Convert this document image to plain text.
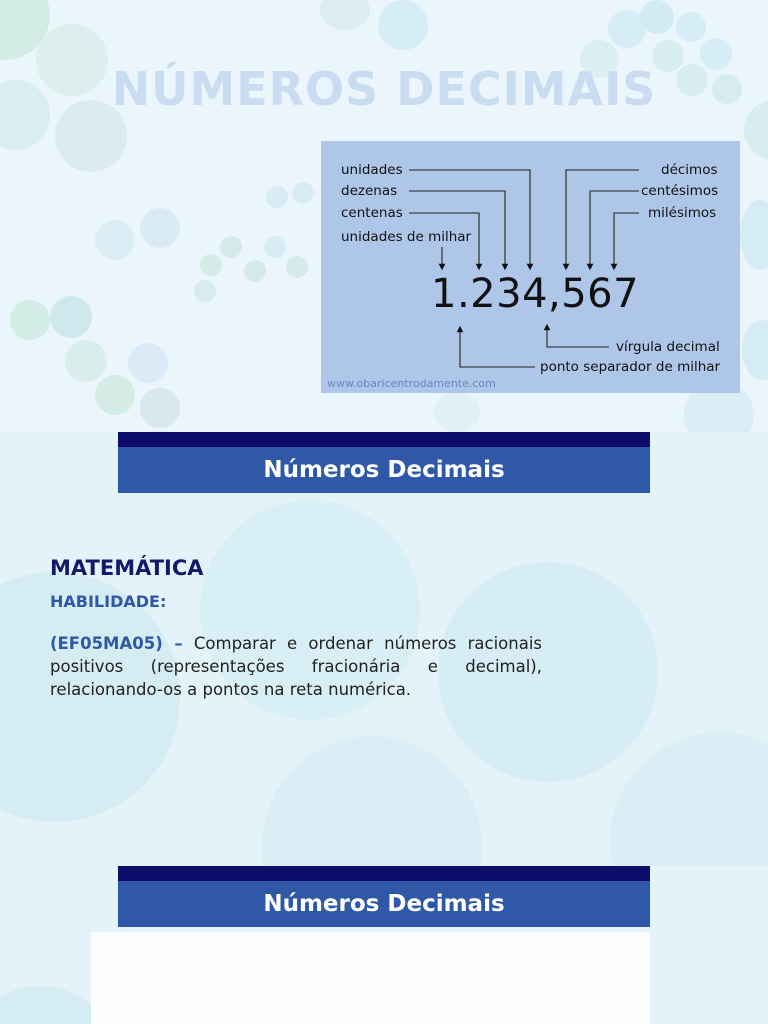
NÚMEROS DECIMAIS
unidades
dezenas
centenas
unidades de milhar
décimos
centésimos
milésimos
1.234,567
vírgula decimal
ponto separador de milhar
www.obaricentrodamente.com
Números Decimais
MATEMÁTICA
HABILIDADE:
(EF05MA05) – Comparar e ordenar números racionais positivos (representações fracionária e decimal), relacionando-os a pontos na reta numérica.
Números Decimais
